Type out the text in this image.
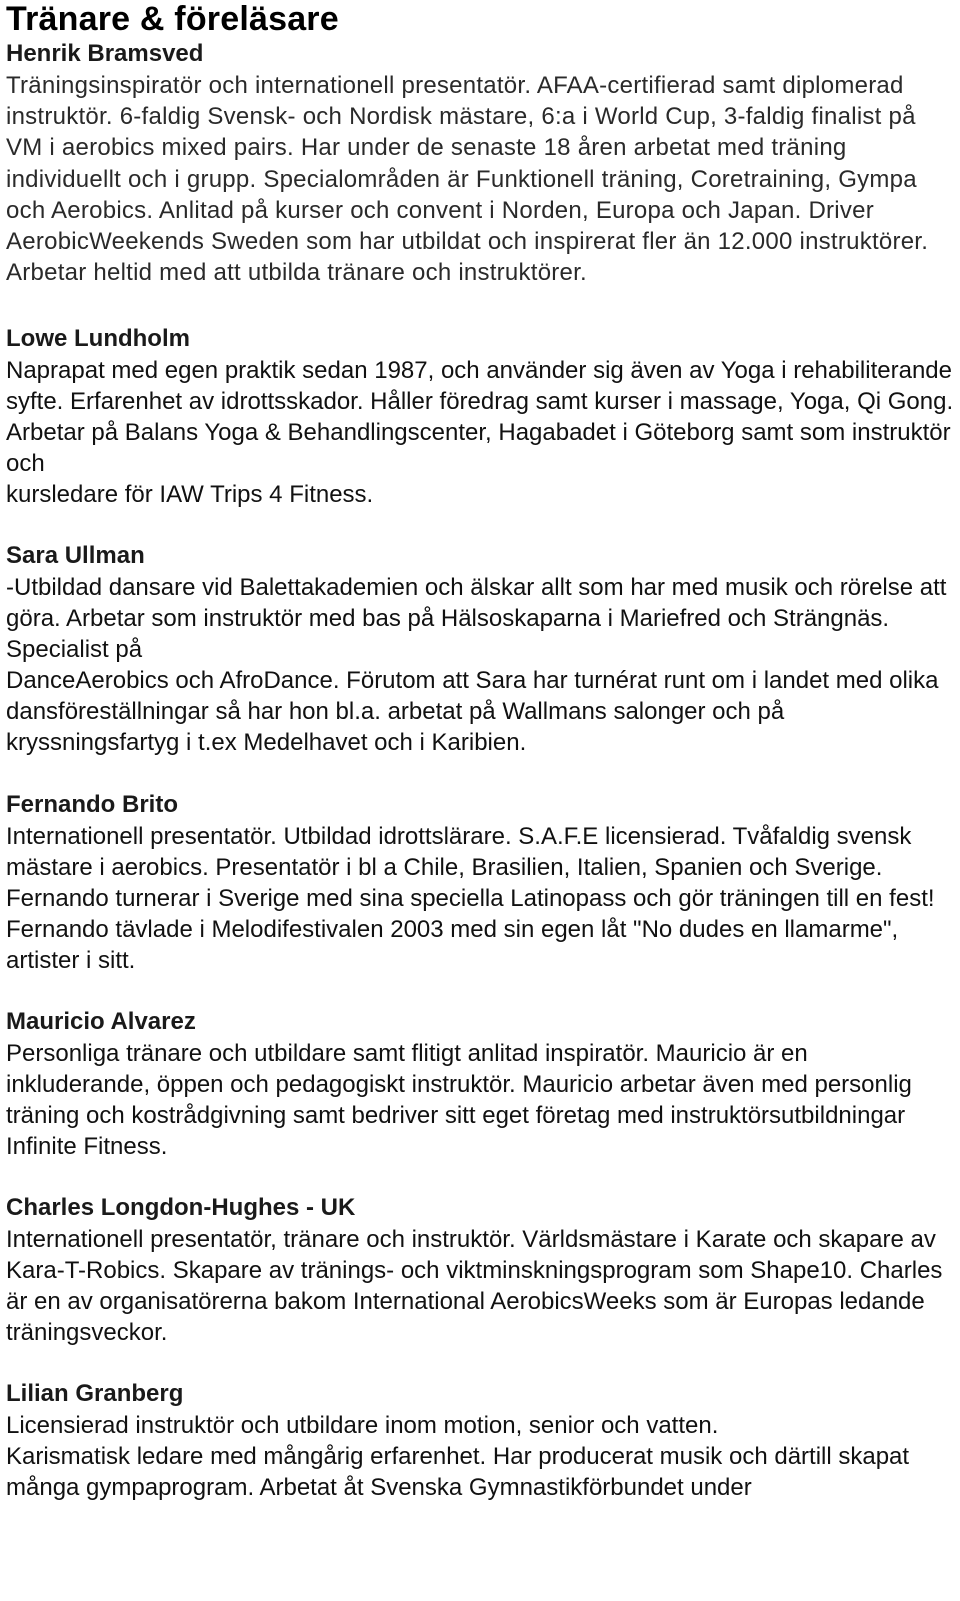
Tränare & föreläsare
Henrik Bramsved
Träningsinspiratör och internationell presentatör. AFAA-certifierad samt diplomerad instruktör. 6-faldig Svensk- och Nordisk mästare, 6:a i World Cup, 3-faldig finalist på VM i aerobics mixed pairs. Har under de senaste 18 åren arbetat med träning individuellt och i grupp. Specialområden är Funktionell träning, Coretraining, Gympa och Aerobics. Anlitad på kurser och convent i Norden, Europa och Japan. Driver AerobicWeekends Sweden som har utbildat och inspirerat fler än 12.000 instruktörer. Arbetar heltid med att utbilda tränare och instruktörer.
Lowe Lundholm

Naprapat med egen praktik sedan 1987, och använder sig även av Yoga i rehabiliterande syfte. Erfarenhet av idrottsskador. Håller föredrag samt kurser i massage, Yoga, Qi Gong.

Arbetar på Balans Yoga & Behandlingscenter, Hagabadet i Göteborg samt som instruktör och

kursledare för IAW Trips 4 Fitness.

Sara Ullman

-Utbildad dansare vid Balettakademien och älskar allt som har med musik och rörelse att göra. Arbetar som instruktör med bas på Hälsoskaparna i Mariefred och Strängnäs. Specialist på

DanceAerobics och AfroDance. Förutom att Sara har turnérat runt om i landet med olika dansföreställningar så har hon bl.a. arbetat på Wallmans salonger och på kryssningsfartyg i t.ex Medelhavet och i Karibien.

Fernando Brito
Internationell presentatör. Utbildad idrottslärare. S.A.F.E licensierad. Tvåfaldig svensk mästare i aerobics. Presentatör i bl a Chile, Brasilien, Italien, Spanien och Sverige. Fernando turnerar i Sverige med sina speciella Latinopass och gör träningen till en fest! Fernando tävlade i Melodifestivalen 2003 med sin egen låt "No dudes en llamarme", artister i sitt.
Mauricio Alvarez
Personliga tränare och utbildare samt flitigt anlitad inspiratör. Mauricio är en inkluderande, öppen och pedagogiskt instruktör. Mauricio arbetar även med personlig träning och kostrådgivning samt bedriver sitt eget företag med instruktörsutbildningar Infinite Fitness.
Charles Longdon-Hughes - UK
Internationell presentatör, tränare och instruktör. Världsmästare i Karate och skapare av Kara-T-Robics. Skapare av tränings- och viktminskningsprogram som Shape10. Charles är en av organisatörerna bakom International AerobicsWeeks som är Europas ledande träningsveckor.
Lilian Granberg

Licensierad instruktör och utbildare inom motion, senior och vatten.

Karismatisk ledare med mångårig erfarenhet. Har producerat musik och därtill skapat många gympaprogram. Arbetat åt Svenska Gymnastikförbundet under
